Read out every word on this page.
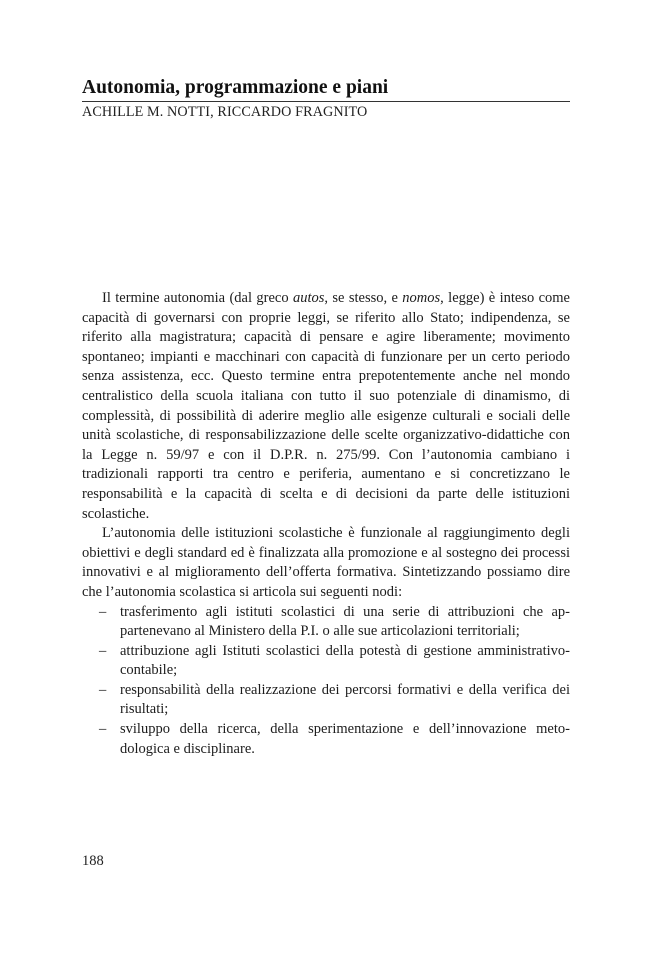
Autonomia, programmazione e piani

ACHILLE M. NOTTI, RICCARDO FRAGNITO

Il termine autonomia (dal greco autos, se stesso, e nomos, legge) è inteso come capacità di governarsi con proprie leggi, se riferito allo Stato; indipendenza, se riferito alla magistratura; capacità di pensare e agire liberamente; movimento spontaneo; impianti e macchinari con capacità di funzionare per un certo periodo senza assistenza, ecc. Questo termine entra prepotentemente anche nel mondo centralistico della scuola italiana con tutto il suo potenziale di dinamismo, di complessità, di possibilità di aderire meglio alle esigenze culturali e sociali delle unità scolastiche, di responsabilizzazione delle scelte organizzativo-didattiche con la Legge n. 59/97 e con il D.P.R. n. 275/99. Con l’autonomia cambiano i tradizionali rapporti tra centro e periferia, aumentano e si concretizzano le responsabilità e la capacità di scelta e di decisioni da parte delle istituzioni scolastiche.

L’autonomia delle istituzioni scolastiche è funzionale al raggiungimento degli obiettivi e degli standard ed è finalizzata alla promozione e al sostegno dei processi innovativi e al miglioramento dell’offerta formativa. Sintetizzando possiamo dire che l’autonomia scolastica si articola sui seguenti nodi:

– trasferimento agli istituti scolastici di una serie di attribuzioni che appartenevano al Ministero della P.I. o alle sue articolazioni territoriali;
– attribuzione agli Istituti scolastici della potestà di gestione amministrativo-contabile;
– responsabilità della realizzazione dei percorsi formativi e della verifica dei risultati;
– sviluppo della ricerca, della sperimentazione e dell’innovazione metodologica e disciplinare.

188
